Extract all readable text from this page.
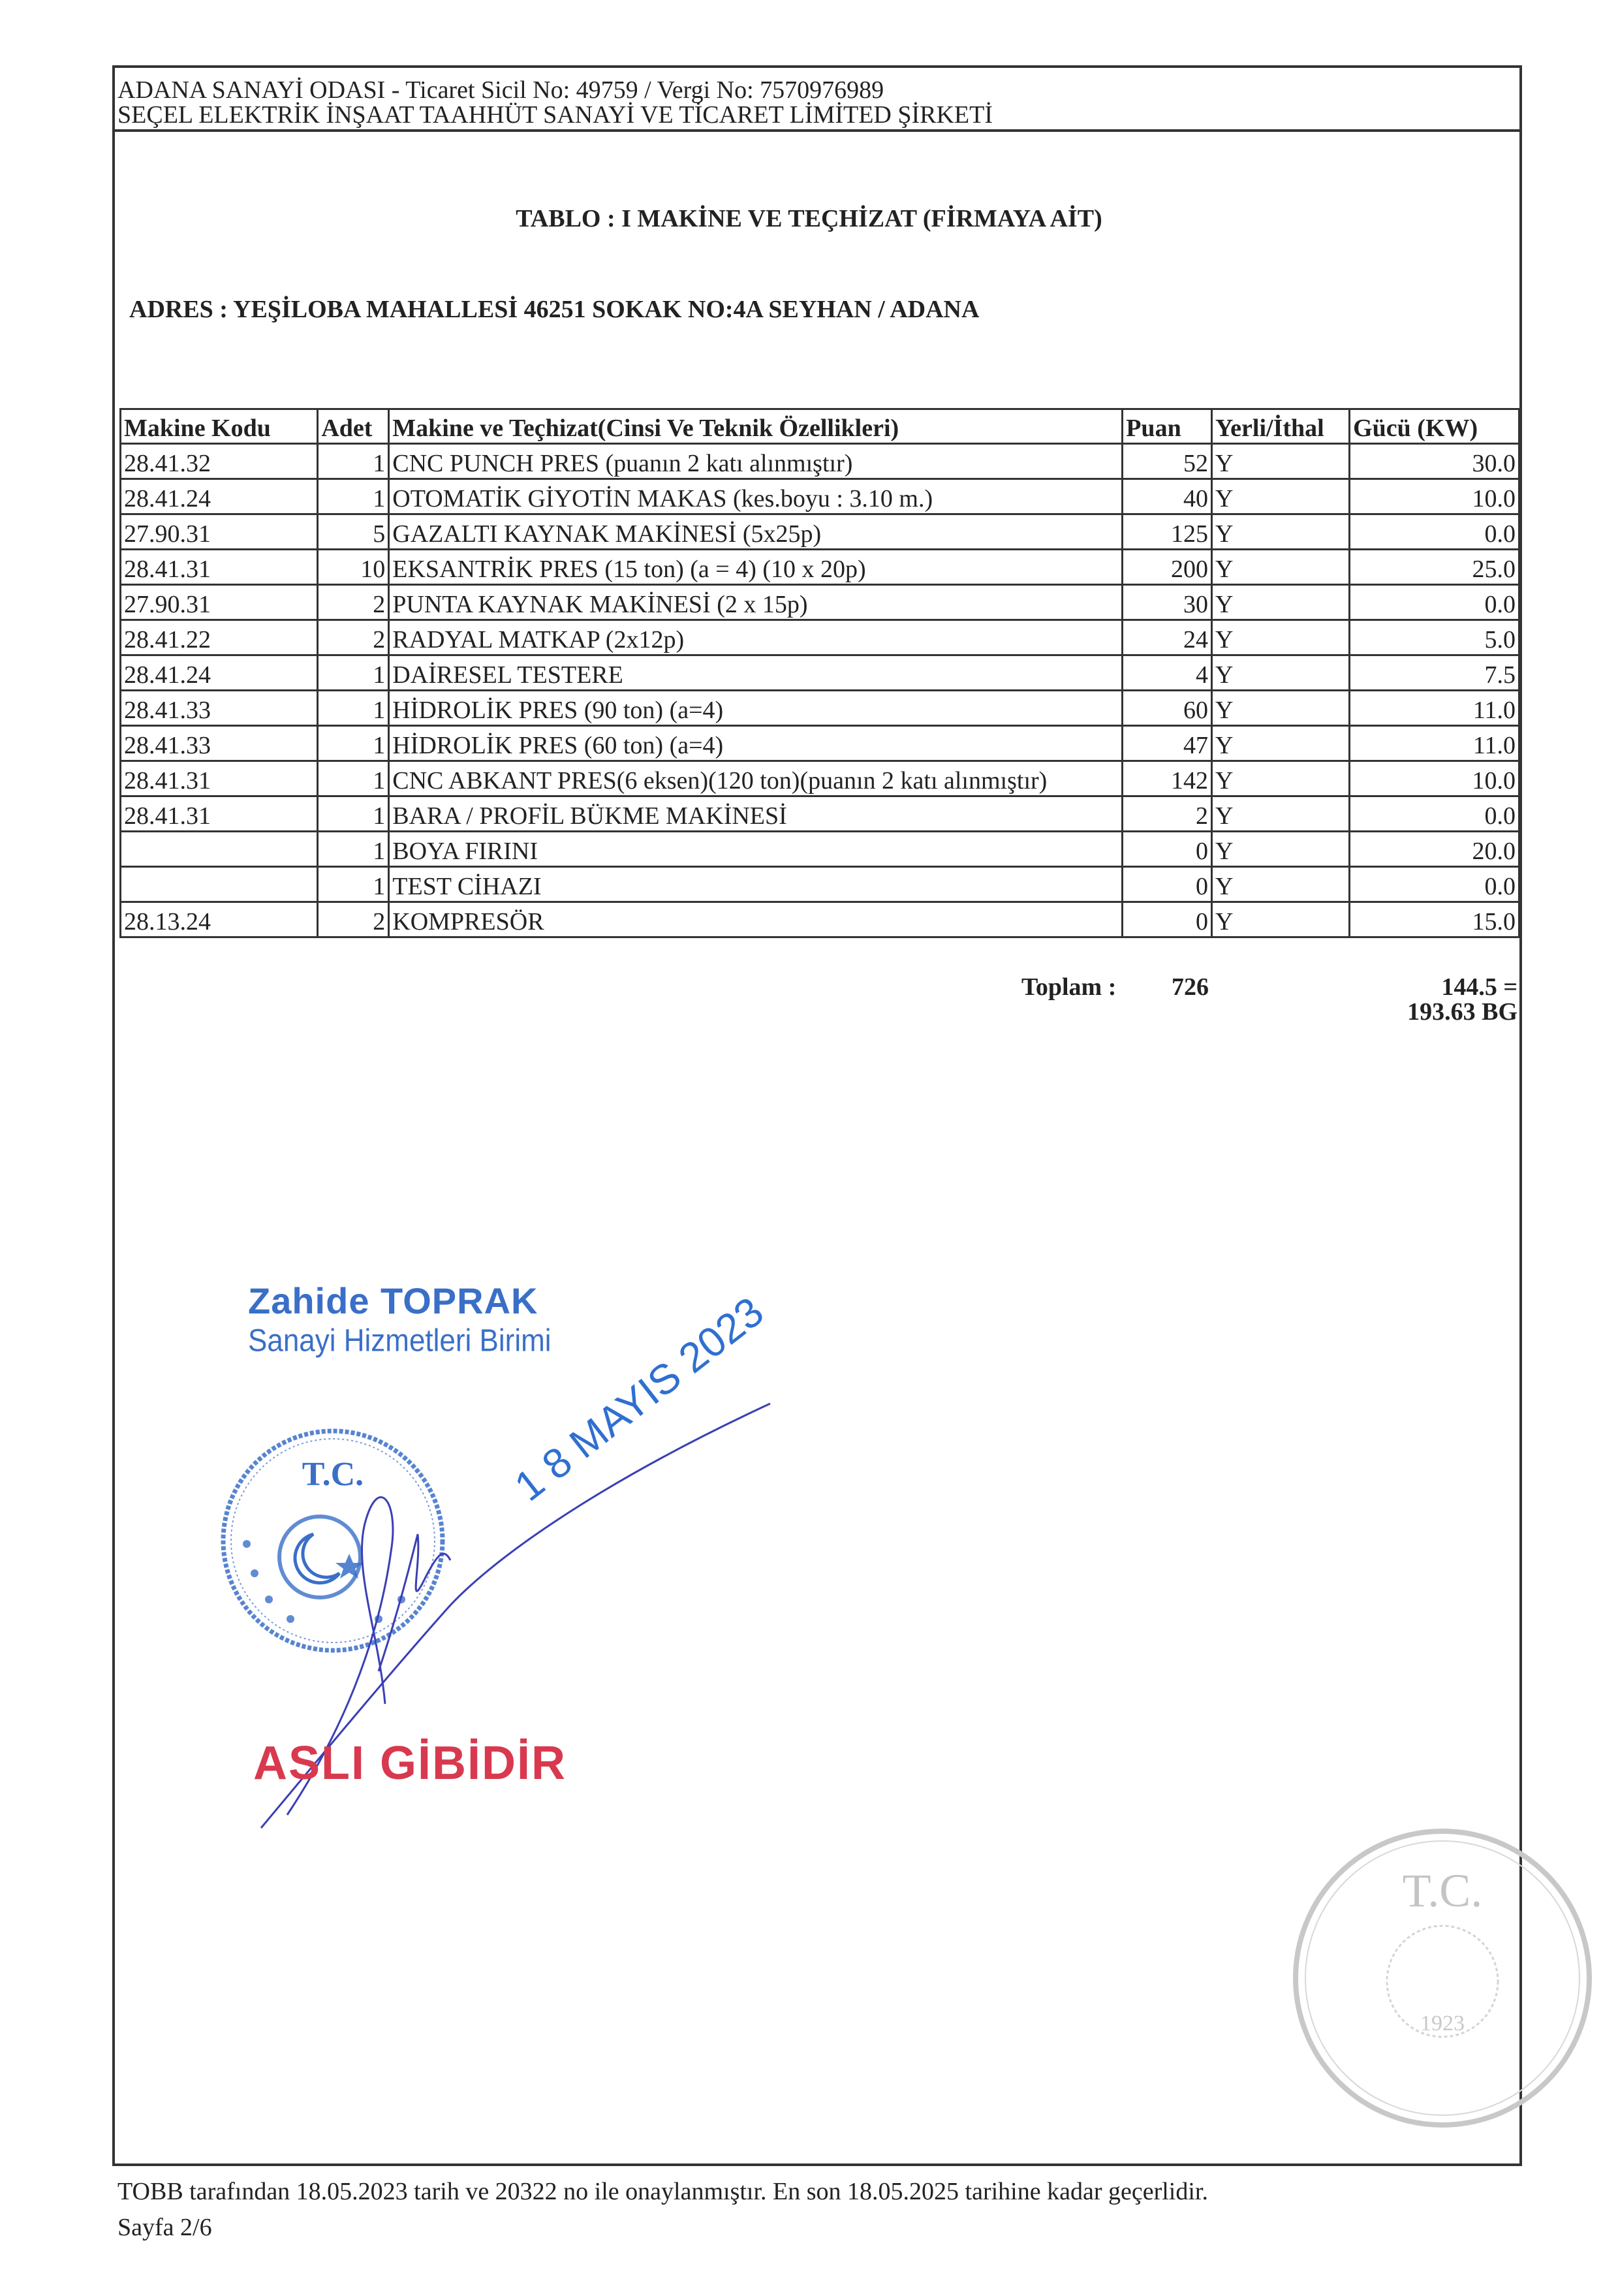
ADANA SANAYİ ODASI - Ticaret Sicil No: 49759 / Vergi No: 7570976989
SEÇEL ELEKTRİK İNŞAAT TAAHHÜT SANAYİ VE TİCARET LİMİTED ŞİRKETİ
TABLO : I MAKİNE VE TEÇHİZAT (FİRMAYA AİT)
ADRES : YEŞİLOBA MAHALLESİ 46251 SOKAK NO:4A SEYHAN / ADANA
Makine Kodu	Adet	Makine ve Teçhizat(Cinsi Ve Teknik Özellikleri)	Puan	Yerli/İthal	Gücü (KW)
28.41.32	1	CNC PUNCH PRES (puanın 2 katı alınmıştır)	52	Y	30.0
28.41.24	1	OTOMATİK GİYOTİN MAKAS (kes.boyu : 3.10 m.)	40	Y	10.0
27.90.31	5	GAZALTI KAYNAK MAKİNESİ (5x25p)	125	Y	0.0
28.41.31	10	EKSANTRİK PRES (15 ton) (a = 4) (10 x 20p)	200	Y	25.0
27.90.31	2	PUNTA KAYNAK MAKİNESİ (2 x 15p)	30	Y	0.0
28.41.22	2	RADYAL MATKAP (2x12p)	24	Y	5.0
28.41.24	1	DAİRESEL TESTERE	4	Y	7.5
28.41.33	1	HİDROLİK PRES (90 ton) (a=4)	60	Y	11.0
28.41.33	1	HİDROLİK PRES (60 ton) (a=4)	47	Y	11.0
28.41.31	1	CNC ABKANT PRES(6 eksen)(120 ton)(puanın 2 katı alınmıştır)	142	Y	10.0
28.41.31	1	BARA / PROFİL BÜKME MAKİNESİ	2	Y	0.0
	1	BOYA FIRINI	0	Y	20.0
	1	TEST CİHAZI	0	Y	0.0
28.13.24	2	KOMPRESÖR	0	Y	15.0
Toplam : 726	144.5 =
193.63 BG
Zahide TOPRAK
Sanayi Hizmetleri Birimi
T.C.	1 8 MAYIS 2023
ASLI GİBİDİR
T.C.
1923
TOBB tarafından 18.05.2023 tarih ve 20322 no ile onaylanmıştır. En son 18.05.2025 tarihine kadar geçerlidir.
Sayfa 2/6
